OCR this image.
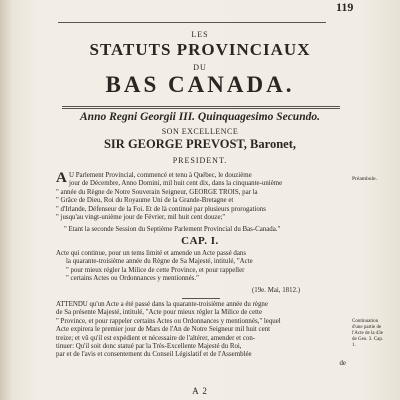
119
LES
STATUTS PROVINCIAUX
DU
BAS CANADA.
Anno Regni Georgii III. Quinquagesimo Secundo.
SON EXCELLENCE
SIR GEORGE PREVOST, Baronet,
PRESIDENT.
A U Parlement Provincial, commencé et tenu à Québec, le douzième
jour de Décembre, Anno Domini, mil huit cent dix, dans la cinquante-unième
" année du Règne de Notre Souverain Seigneur, GEORGE TROIS, par la
" Grâce de Dieu, Roi du Royaume Uni de la Grande-Bretagne et
" d'Irlande, Défenseur de la Foi. Et de là continué par plusieurs prorogations
" jusqu'au vingt-unième jour de Février, mil huit cent douze;"
Préambule.
" Etant la seconde Session du Septième Parlement Provincial du Bas-Canada."
CAP. I.
Acte qui continue, pour un tems limité et amende un Acte passé dans
la quarante-troisième année du Règne de Sa Majesté, intitulé, "Acte
" pour mieux régler la Milice de cette Province, et pour rappeller
" certains Actes ou Ordonnances y mentionnés."
(19e. Mai, 1812.)
ATTENDU qu'un Acte a été passé dans la quarante-troisième année du règne
de Sa présente Majesté, intitulé, "Acte pour mieux régler la Milice de cette
" Province, et pour rappeler certains Actes ou Ordonnances y mentionnés," lequel
Acte expirera le premier jour de Mars de l'An de Notre Seigneur mil huit cent
treize; et vû qu'il est expédient et nécessaire de l'altérer, amender et con-
tinuer: Qu'il soit donc statué par la Très-Excellente Majesté du Roi,
par et de l'avis et consentement du Conseil Législatif et de l'Assemblée
de
Continuation
d'une partie de
l'Acte de la 43e
de Geo. 3. Cap.
1.
A 2
